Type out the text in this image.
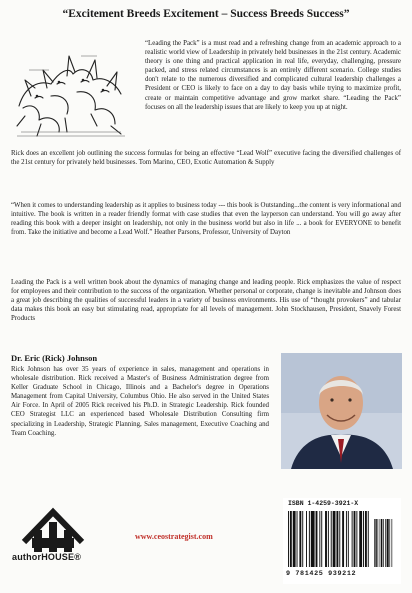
“Excitement Breeds Excitement – Success Breeds Success”

“Leading the Pack” is a must read and a refreshing change from an academic approach to a realistic world view of Leadership in privately held businesses in the 21st century. Academic theory is one thing and practical application in real life, everyday, challenging, pressure packed, and stress related circumstances is an entirely different scenario. College studies don't relate to the numerous diversified and complicated cultural leadership challenges a President or CEO is likely to face on a day to day basis while trying to maximize profit, create or maintain competitive advantage and grow market share. “Leading the Pack” focuses on all the leadership issues that are likely to keep you up at night.

Rick does an excellent job outlining the success formulas for being an effective “Lead Wolf” executive facing the diversified challenges of the 21st century for privately held businesses. Tom Marino, CEO, Exotic Automation & Supply

“When it comes to understanding leadership as it applies to business today --- this book is Outstanding...the content is very informational and intuitive. The book is written in a reader friendly format with case studies that even the layperson can understand. You will go away after reading this book with a deeper insight on leadership, not only in the business world but also in life ... a book for EVERYONE to benefit from. Take the initiative and become a Lead Wolf.” Heather Parsons, Professor, University of Dayton

Leading the Pack is a well written book about the dynamics of managing change and leading people. Rick emphasizes the value of respect for employees and their contribution to the success of the organization. Whether personal or corporate, change is inevitable and Johnson does a great job describing the qualities of successful leaders in a variety of business environments. His use of “thought provokers” and tabular data makes this book an easy but stimulating read, appropriate for all levels of management. John Stockhausen, President, Snavely Forest Products

Dr. Eric (Rick) Johnson

Rick Johnson has over 35 years of experience in sales, management and operations in wholesale distribution. Rick received a Master's of Business Administration degree from Keller Graduate School in Chicago, Illinois and a Bachelor's degree in Operations Management from Capital University, Columbus Ohio. He also served in the United States Air Force. In April of 2005 Rick received his Ph.D. in Strategic Leadership. Rick founded CEO Strategist LLC an experienced based Wholesale Distribution Consulting firm specializing in Leadership, Strategic Planning, Sales management, Executive Coaching and Team Coaching.

authorHOUSE®
www.ceostrategist.com
ISBN 1-4259-3921-X
9 781425 939212
